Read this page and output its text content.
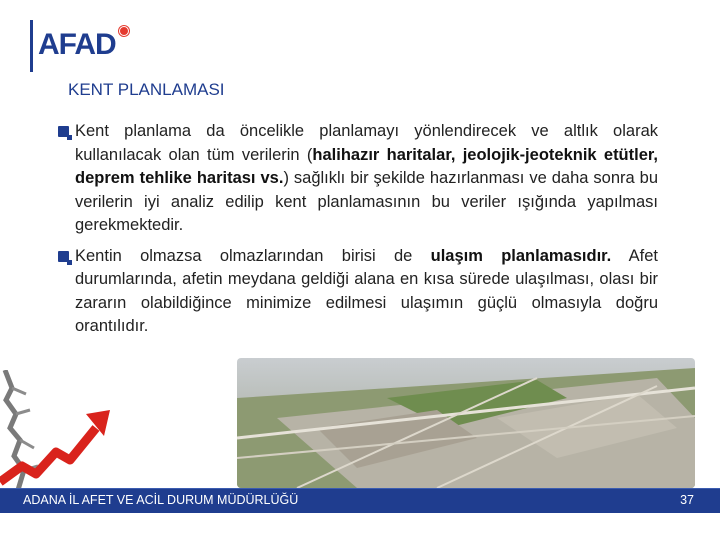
AFAD
KENT PLANLAMASI
Kent planlama da öncelikle planlamayı yönlendirecek ve altlık olarak kullanılacak olan tüm verilerin (halihazır haritalar, jeolojik-jeoteknik etütler, deprem tehlike haritası vs.) sağlıklı bir şekilde hazırlanması ve daha sonra bu verilerin iyi analiz edilip kent planlamasının bu veriler ışığında yapılması gerekmektedir.
Kentin olmazsa olmazlarından birisi de ulaşım planlamasıdır. Afet durumlarında, afetin meydana geldiği alana en kısa sürede ulaşılması, olası bir zararın olabildiğince minimize edilmesi ulaşımın güçlü olmasıyla doğru orantılıdır.
ADANA İL AFET VE ACİL DURUM MÜDÜRLÜĞÜ	37
